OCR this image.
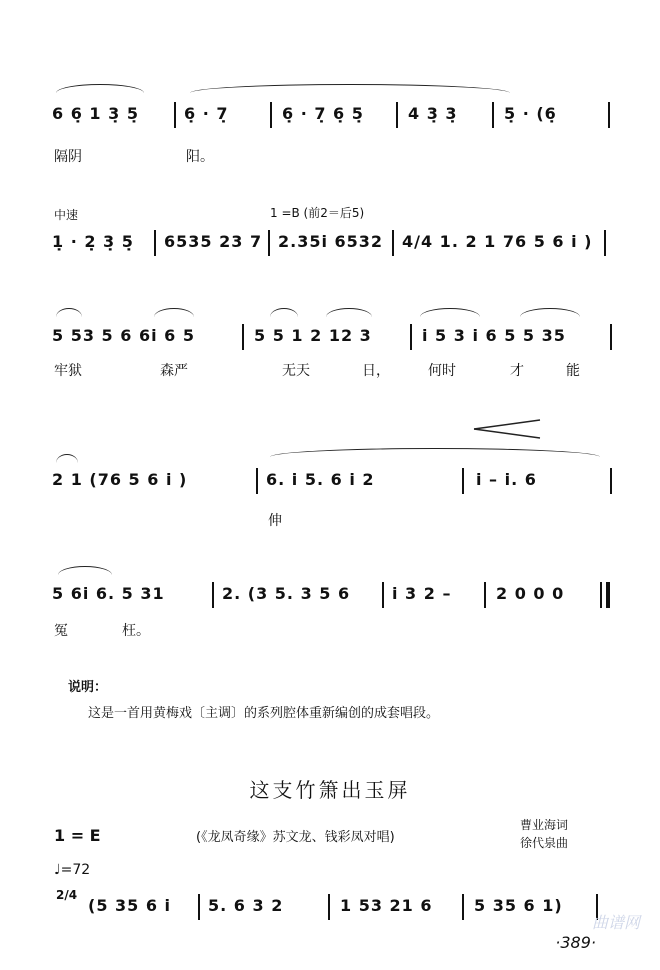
6 6̣ 1 3̣ 5̣	6̣ · 7̣	6̣ · 7̣ 6̣ 5̣	4 3̣ 3̣	5̣ · (6̣
隔阴	阳。
中速	1 =B (前2＝后5)
1̣ · 2̣ 3̣ 5̣ 6535 23 7 2.35i 6532 4/4 1. 2 1 76 5 6 i )
5 53 5 6 6i 6 5	5 5 1 2 12 3	i 5 3 i 6 5 5 35
牢狱	森严	无天	日，	何时	才	能
2 1 (76 5 6 i )	6. i 5. 6 i 2	i – i. 6
伸
5 6i 6. 5 31	2. (3 5. 3 5 6	i 3 2 –	2 0 0 0
冤	枉。
说明：
这是一首用黄梅戏〔主调〕的系列腔体重新编创的成套唱段。
这支竹箫出玉屏
1 = E	(《龙凤奇缘》苏文龙、钱彩凤对唱)
曹业海词
徐代泉曲
♩=72
2/4
(5 35 6 i 5. 6 3 2	1 53 21 6	5 35 6 1)
曲谱网
·389·
